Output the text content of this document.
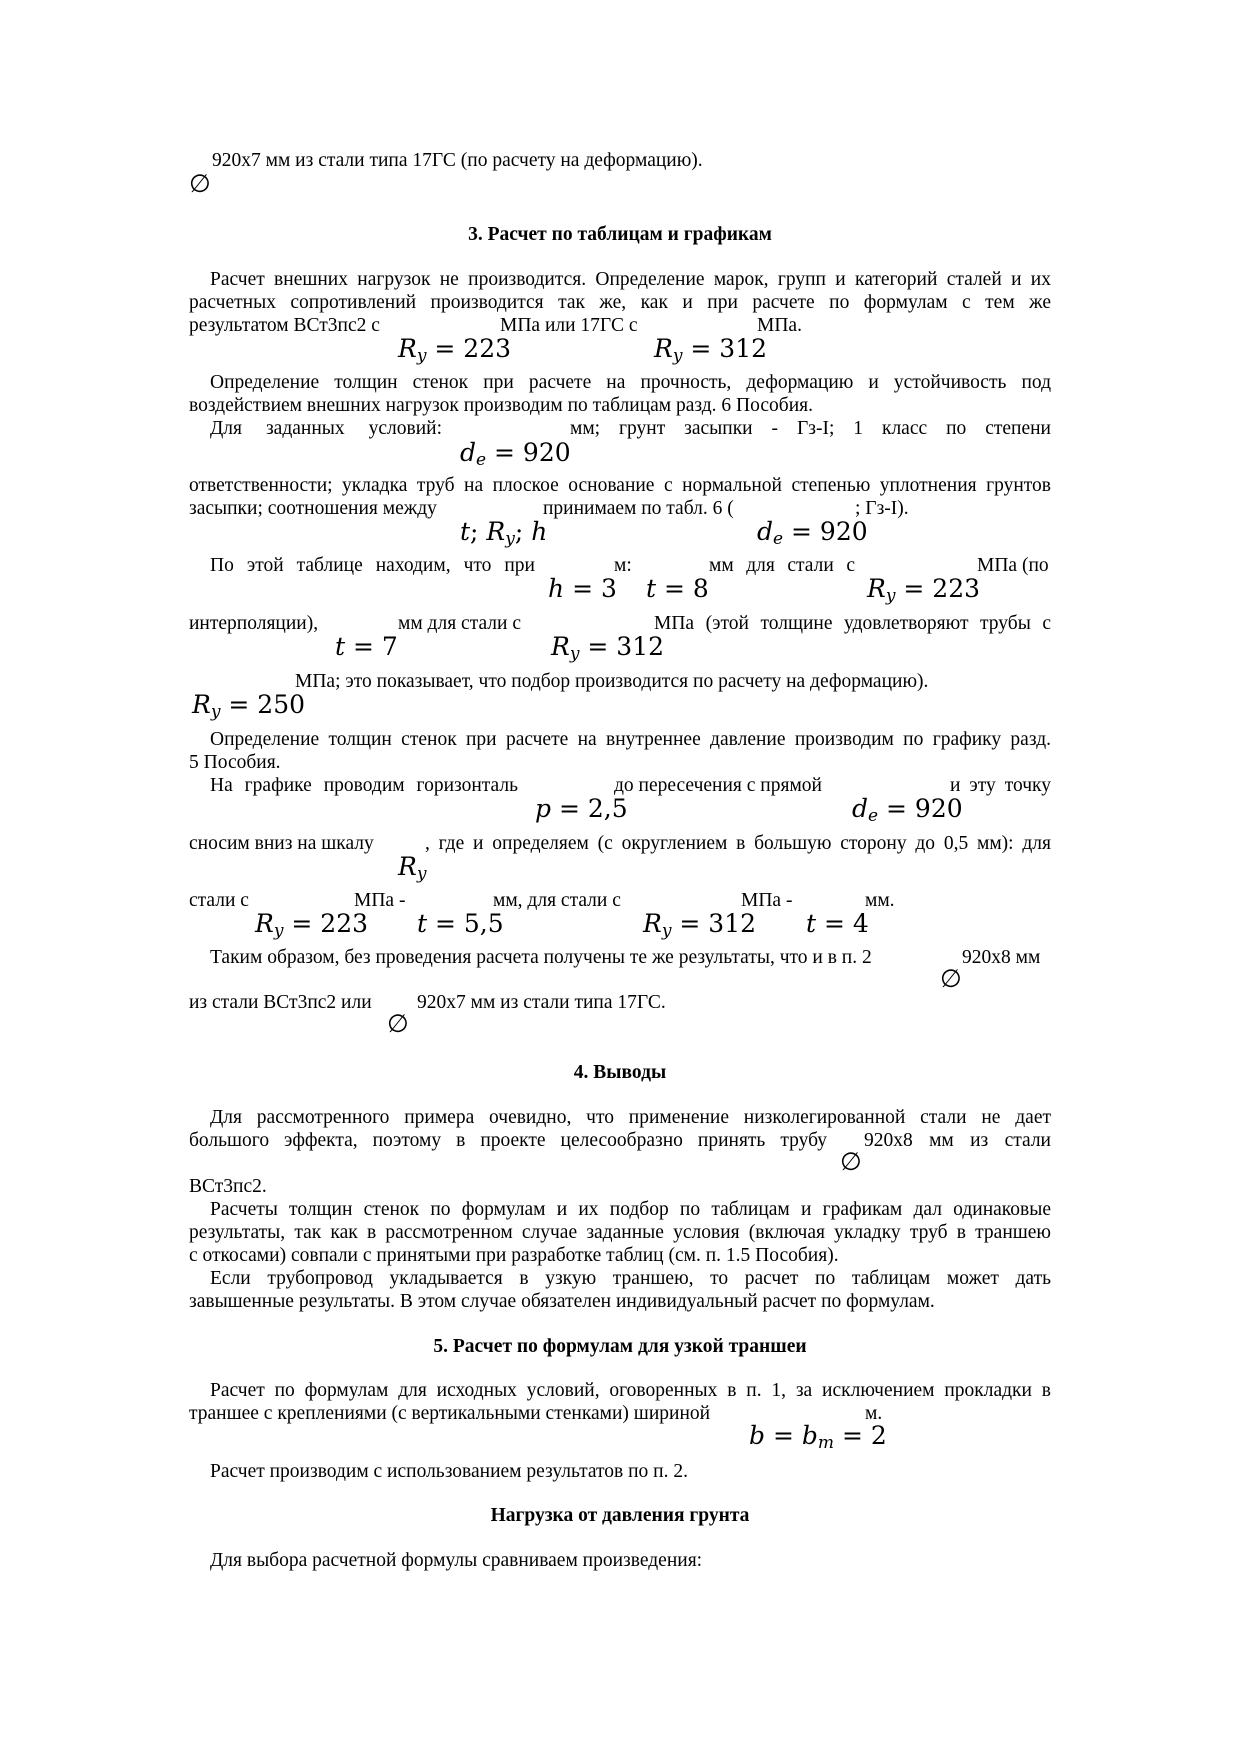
∅
920х7 мм из стали типа 17ГС (по расчету на деформацию).
3. Расчет по таблицам и графикам
Расчет внешних нагрузок не производится. Определение марок, групп и категорий сталей и их
расчетных сопротивлений производится так же, как и при расчете по формулам с тем же
результатом ВСт3пс2 с	МПа или 17ГС с	МПа.
$R_y = 223$	$R_y = 312$
Определение толщин стенок при расчете на прочность, деформацию и устойчивость под
воздействием внешних нагрузок производим по таблицам разд. 6 Пособия.
Для заданных условий:	мм; грунт засыпки - Гз-I; 1 класс по степени
$d_e = 920$
ответственности; укладка труб на плоское основание с нормальной степенью уплотнения грунтов
засыпки; соотношения между	принимаем по табл. 6 (	; Гз-I).
t; $R_y$; h	$d_e = 920$
По этой таблице находим, что при	м:	мм для стали с	МПа (по
h = 3 t = 8	$R_y = 223$
интерполяции),	мм для стали с	МПа (этой толщине удовлетворяют трубы с
t = 7	$R_y = 312$
МПа; это показывает, что подбор производится по расчету на деформацию).
$R_y = 250$
Определение толщин стенок при расчете на внутреннее давление производим по графику разд.
5 Пособия.
На графике проводим горизонталь	до пересечения с прямой	и эту точку
p = 2,5	$d_e = 920$
сносим вниз на шкалу	, где и определяем (с округлением в большую сторону до 0,5 мм): для
$R_y$
стали с	МПа -	мм, для стали с	МПа -	мм.
$R_y = 223$ t = 5,5	$R_y = 312$ t = 4
Таким образом, без проведения расчета получены те же результаты, что и в п. 2	920х8 мм
∅
из стали ВСт3пс2 или 920х7 мм из стали типа 17ГС.
∅
4. Выводы
Для рассмотренного примера очевидно, что применение низколегированной стали не дает
большого эффекта, поэтому в проекте целесообразно принять трубу 920х8 мм из стали
∅
ВСт3пс2.
Расчеты толщин стенок по формулам и их подбор по таблицам и графикам дал одинаковые
результаты, так как в рассмотренном случае заданные условия (включая укладку труб в траншею
с откосами) совпали с принятыми при разработке таблиц (см. п. 1.5 Пособия).
Если трубопровод укладывается в узкую траншею, то расчет по таблицам может дать
завышенные результаты. В этом случае обязателен индивидуальный расчет по формулам.
5. Расчет по формулам для узкой траншеи
Расчет по формулам для исходных условий, оговоренных в п. 1, за исключением прокладки в
траншее с креплениями (с вертикальными стенками) шириной	м.
$b = b_m = 2$
Расчет производим с использованием результатов по п. 2.
Нагрузка от давления грунта
Для выбора расчетной формулы сравниваем произведения:
